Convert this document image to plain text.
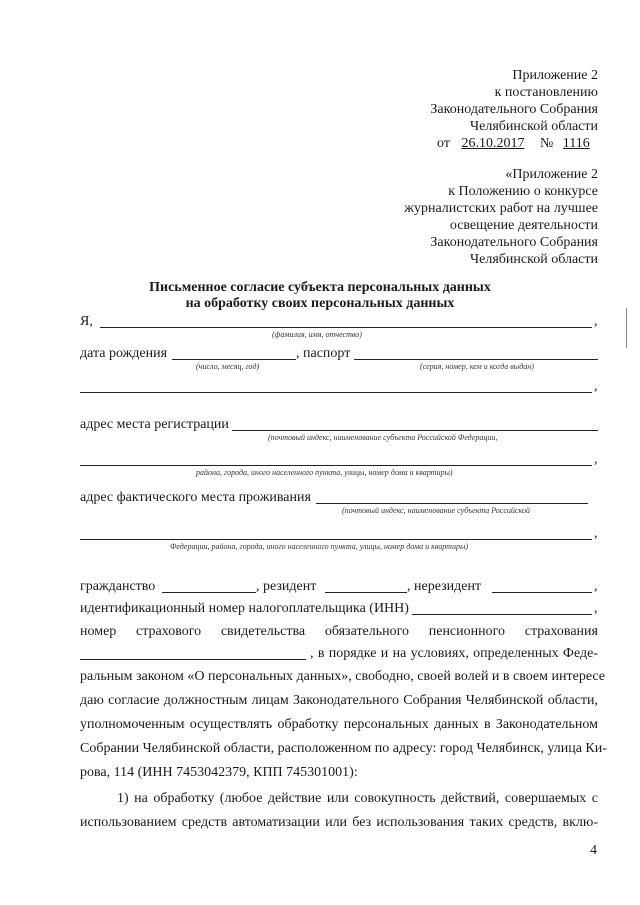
Приложение 2
к постановлению
Законодательного Собрания
Челябинской области
от 26.10.2017 № 1116
«Приложение 2
к Положению о конкурсе
журналистских работ на лучшее
освещение деятельности
Законодательного Собрания
Челябинской области
Письменное согласие субъекта персональных данных
на обработку своих персональных данных
Я,	,
(фамилия, имя, отчество)
дата рождения	, паспорт
(число, месяц, год)	(серия, номер, кем и когда выдан)
,
адрес места регистрации
(почтовый индекс, наименование субъекта Российской Федерации,
,
района, города, иного населенного пункта, улицы, номер дома и квартиры)
адрес фактического места проживания
(почтовый индекс, наименование субъекта Российской
,
Федерации, района, города, иного населенного пункта, улицы, номер дома и квартиры)
гражданство	, резидент	, нерезидент	,
идентификационный номер налогоплательщика (ИНН)	,
номер страхового свидетельства обязательного пенсионного страхования
, в порядке и на условиях, определенных Феде-
ральным законом «О персональных данных», свободно, своей волей и в своем интересе
даю согласие должностным лицам Законодательного Собрания Челябинской области,
уполномоченным осуществлять обработку персональных данных в Законодательном
Собрании Челябинской области, расположенном по адресу: город Челябинск, улица Ки-
рова, 114 (ИНН 7453042379, КПП 745301001):
1) на обработку (любое действие или совокупность действий, совершаемых с
использованием средств автоматизации или без использования таких средств, вклю-
4
